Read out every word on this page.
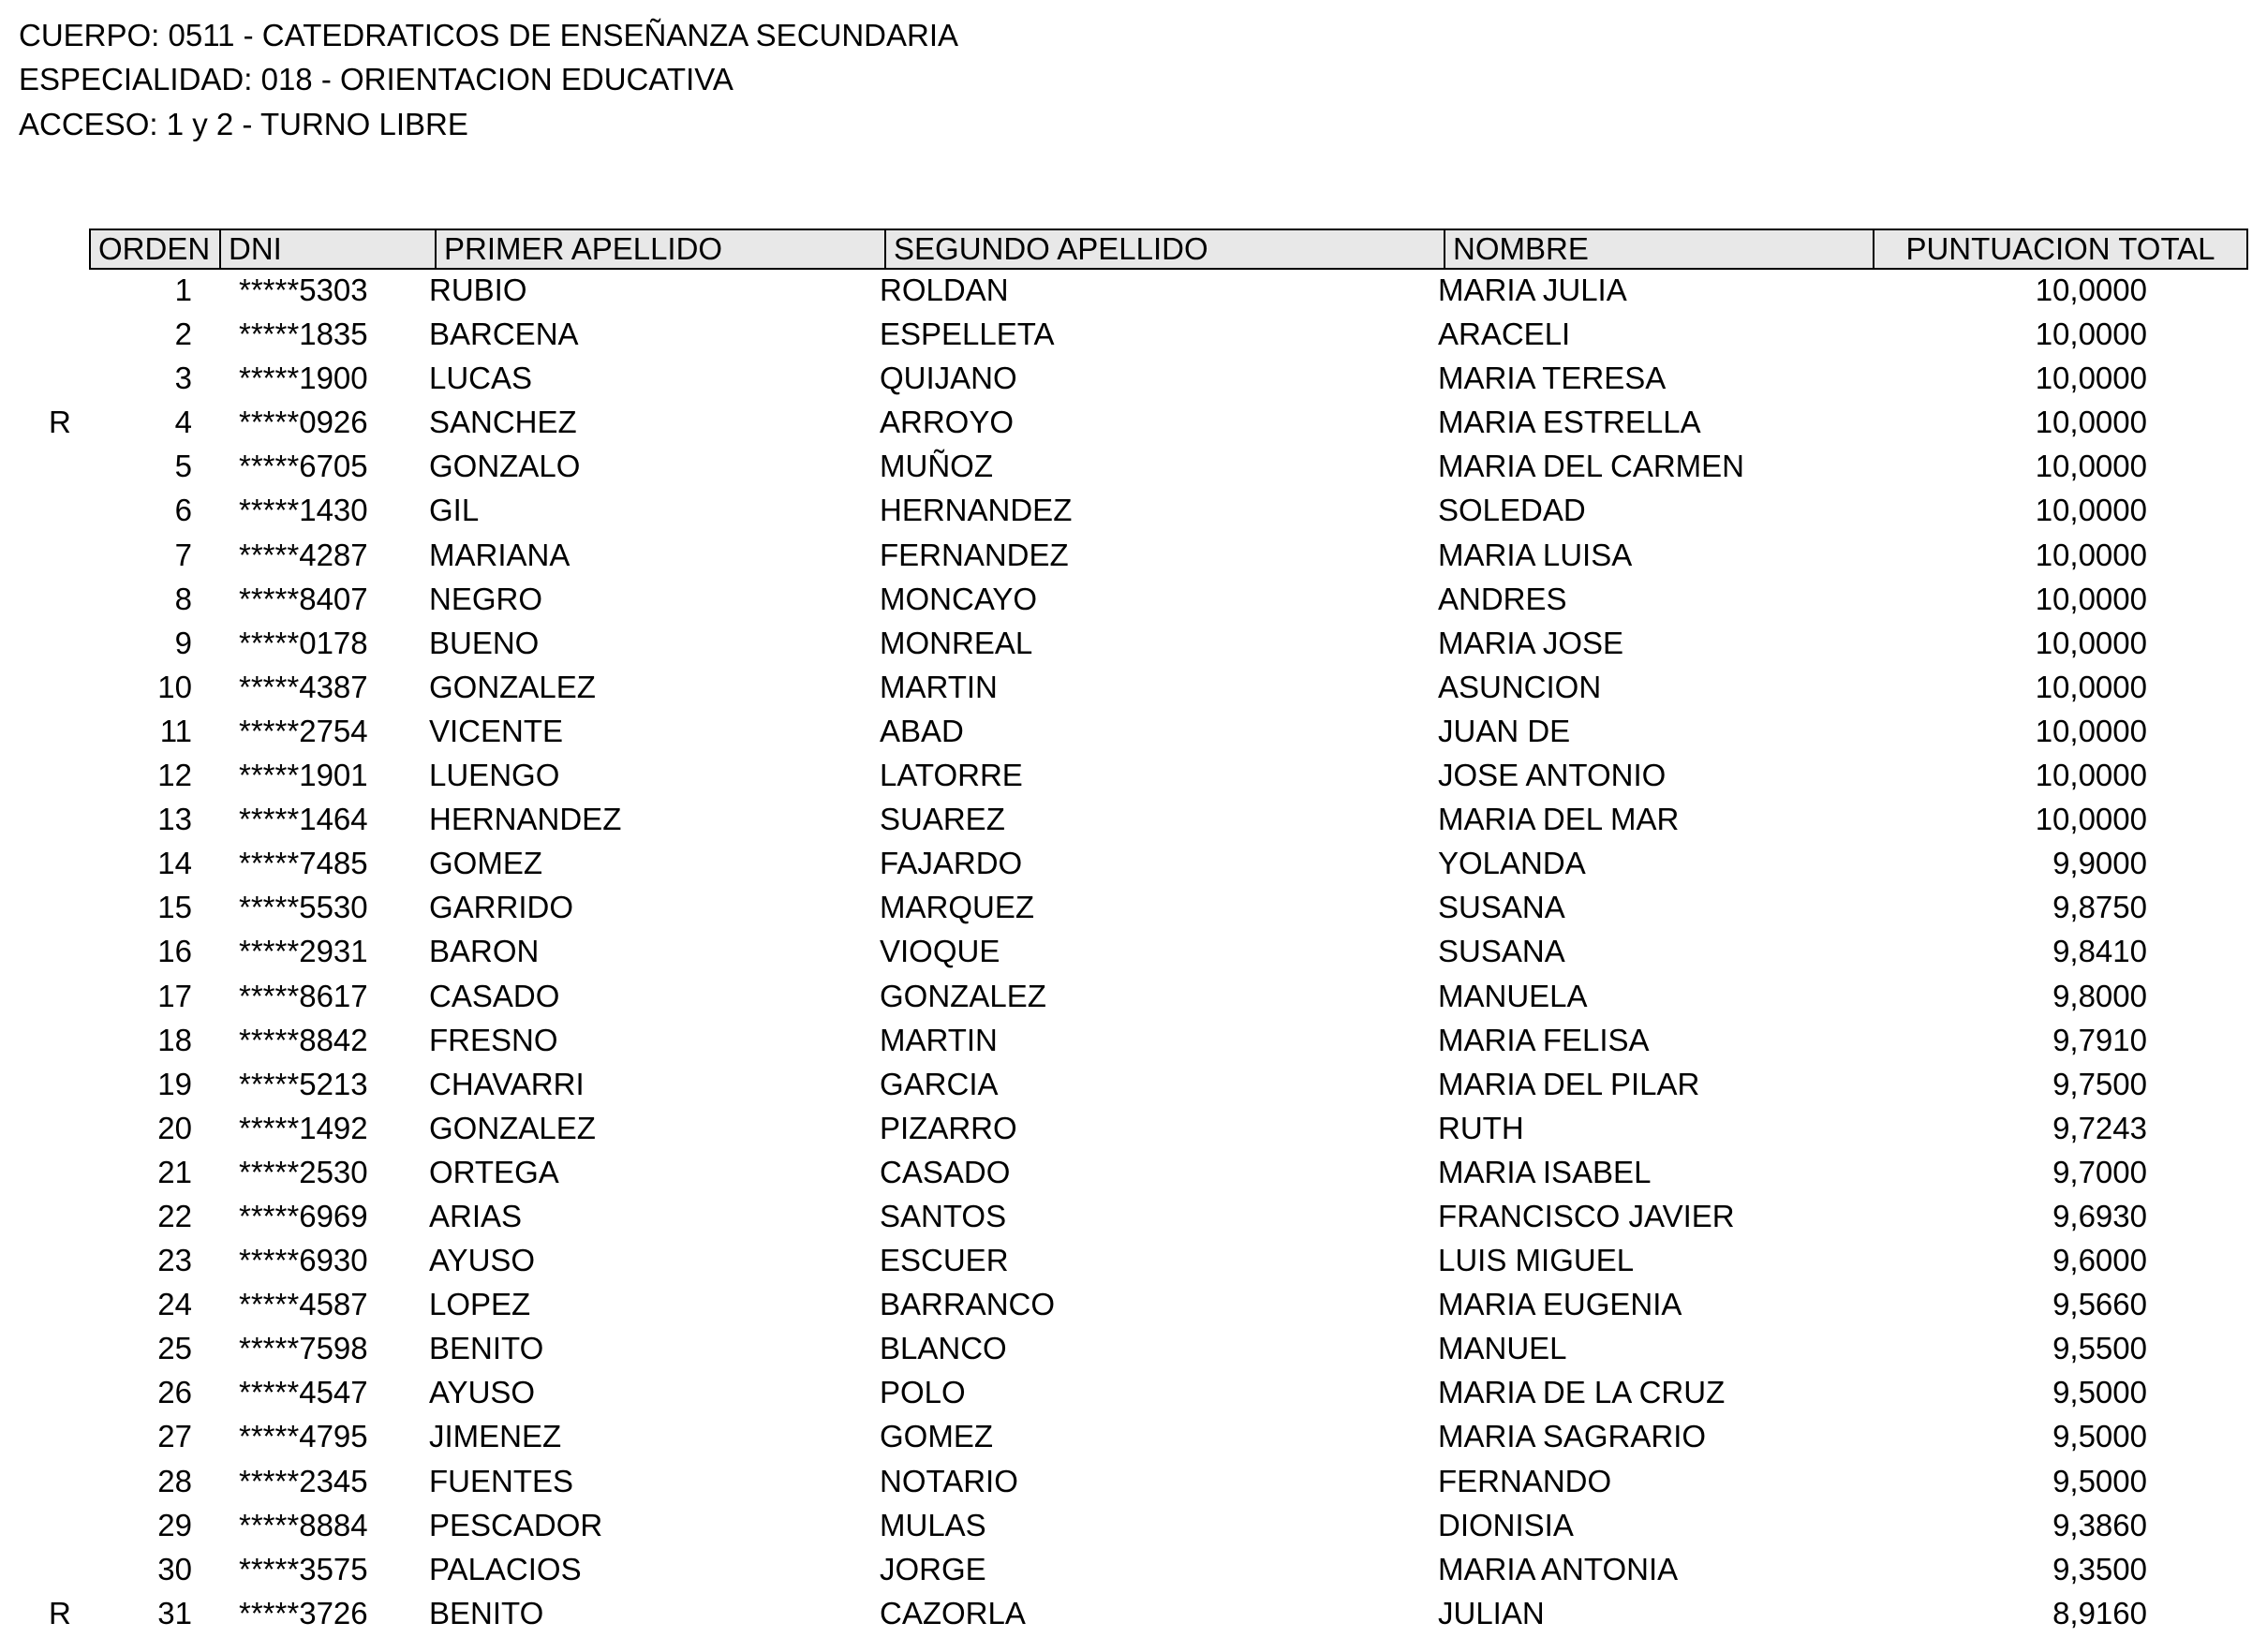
CUERPO: 0511 - CATEDRATICOS DE ENSEÑANZA SECUNDARIA
ESPECIALIDAD: 018 - ORIENTACION EDUCATIVA
ACCESO: 1 y 2 - TURNO LIBRE
ORDEN DNI	PRIMER APELLIDO	SEGUNDO APELLIDO	NOMBRE	PUNTUACION TOTAL
1 *****5303	RUBIO	ROLDAN	MARIA JULIA	10,0000
2 *****1835	BARCENA	ESPELLETA	ARACELI	10,0000
3 *****1900	LUCAS	QUIJANO	MARIA TERESA	10,0000
R	4 *****0926	SANCHEZ	ARROYO	MARIA ESTRELLA	10,0000
5 *****6705	GONZALO	MUÑOZ	MARIA DEL CARMEN	10,0000
6 *****1430	GIL	HERNANDEZ	SOLEDAD	10,0000
7 *****4287	MARIANA	FERNANDEZ	MARIA LUISA	10,0000
8 *****8407	NEGRO	MONCAYO	ANDRES	10,0000
9 *****0178	BUENO	MONREAL	MARIA JOSE	10,0000
10 *****4387	GONZALEZ	MARTIN	ASUNCION	10,0000
11 *****2754	VICENTE	ABAD	JUAN DE	10,0000
12 *****1901	LUENGO	LATORRE	JOSE ANTONIO	10,0000
13 *****1464	HERNANDEZ	SUAREZ	MARIA DEL MAR	10,0000
14 *****7485	GOMEZ	FAJARDO	YOLANDA	9,9000
15 *****5530	GARRIDO	MARQUEZ	SUSANA	9,8750
16 *****2931	BARON	VIOQUE	SUSANA	9,8410
17 *****8617	CASADO	GONZALEZ	MANUELA	9,8000
18 *****8842	FRESNO	MARTIN	MARIA FELISA	9,7910
19 *****5213	CHAVARRI	GARCIA	MARIA DEL PILAR	9,7500
20 *****1492	GONZALEZ	PIZARRO	RUTH	9,7243
21 *****2530	ORTEGA	CASADO	MARIA ISABEL	9,7000
22 *****6969	ARIAS	SANTOS	FRANCISCO JAVIER	9,6930
23 *****6930	AYUSO	ESCUER	LUIS MIGUEL	9,6000
24 *****4587	LOPEZ	BARRANCO	MARIA EUGENIA	9,5660
25 *****7598	BENITO	BLANCO	MANUEL	9,5500
26 *****4547	AYUSO	POLO	MARIA DE LA CRUZ	9,5000
27 *****4795	JIMENEZ	GOMEZ	MARIA SAGRARIO	9,5000
28 *****2345	FUENTES	NOTARIO	FERNANDO	9,5000
29 *****8884	PESCADOR	MULAS	DIONISIA	9,3860
30 *****3575	PALACIOS	JORGE	MARIA ANTONIA	9,3500
R	31 *****3726	BENITO	CAZORLA	JULIAN	8,9160
